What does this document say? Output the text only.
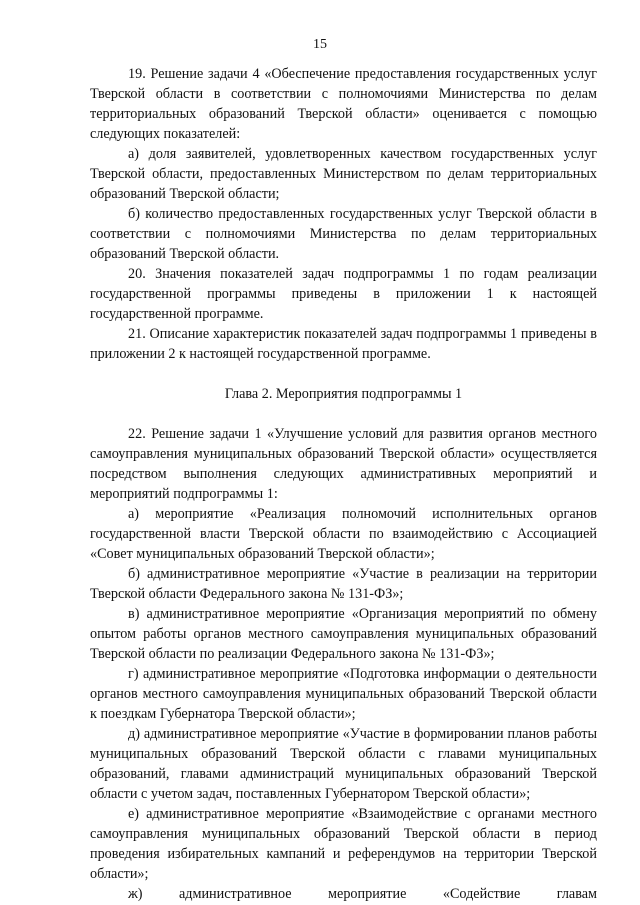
15

19. Решение задачи 4 «Обеспечение предоставления государственных услуг Тверской области в соответствии с полномочиями Министерства по делам территориальных образований Тверской области» оценивается с помощью следующих показателей:

а) доля заявителей, удовлетворенных качеством государственных услуг Тверской области, предоставленных Министерством по делам территориальных образований Тверской области;

б) количество предоставленных государственных услуг Тверской области в соответствии с полномочиями Министерства по делам территориальных образований Тверской области.

20. Значения показателей задач подпрограммы 1 по годам реализации государственной программы приведены в приложении 1 к настоящей государственной программе.

21. Описание характеристик показателей задач подпрограммы 1 приведены в приложении 2 к настоящей государственной программе.

Глава 2. Мероприятия подпрограммы 1

22. Решение задачи 1 «Улучшение условий для развития органов местного самоуправления муниципальных образований Тверской области» осуществляется посредством выполнения следующих административных мероприятий и мероприятий подпрограммы 1:

а) мероприятие «Реализация полномочий исполнительных органов государственной власти Тверской области по взаимодействию с Ассоциацией «Совет муниципальных образований Тверской области»;

б) административное мероприятие «Участие в реализации на территории Тверской области Федерального закона № 131-ФЗ»;

в) административное мероприятие «Организация мероприятий по обмену опытом работы органов местного самоуправления муниципальных образований Тверской области по реализации Федерального закона № 131-ФЗ»;

г) административное мероприятие «Подготовка информации о деятельности органов местного самоуправления муниципальных образований Тверской области к поездкам Губернатора Тверской области»;

д) административное мероприятие «Участие в формировании планов работы муниципальных образований Тверской области с главами муниципальных образований, главами администраций муниципальных образований Тверской области с учетом задач, поставленных Губернатором Тверской области»;

е) административное мероприятие «Взаимодействие с органами местного самоуправления муниципальных образований Тверской области в период проведения избирательных кампаний и референдумов на территории Тверской области»;

ж) административное мероприятие «Содействие главам
